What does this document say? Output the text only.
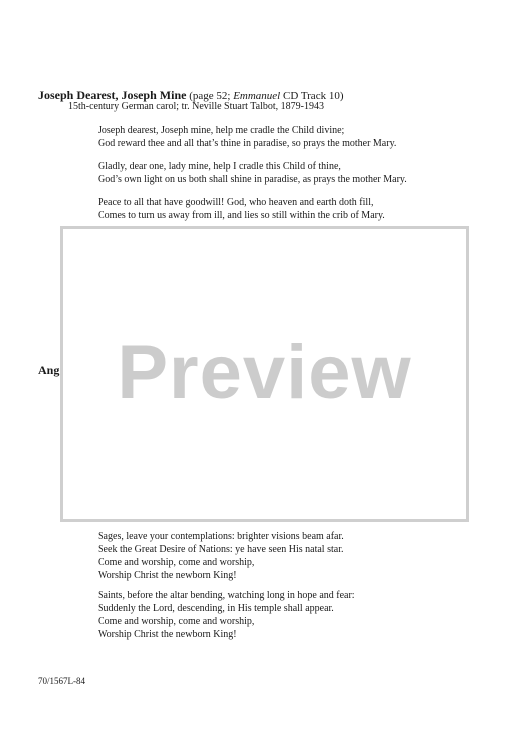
Joseph Dearest, Joseph Mine (page 52; Emmanuel CD Track 10)
15th-century German carol; tr. Neville Stuart Talbot, 1879-1943
Joseph dearest, Joseph mine, help me cradle the Child divine;
God reward thee and all that’s thine in paradise, so prays the mother Mary.
Gladly, dear one, lady mine, help I cradle this Child of thine,
God’s own light on us both shall shine in paradise, as prays the mother Mary.
Peace to all that have goodwill! God, who heaven and earth doth fill,
Comes to turn us away from ill, and lies so still within the crib of Mary.
Ang Preview
Sages, leave your contemplations: brighter visions beam afar.
Seek the Great Desire of Nations: ye have seen His natal star.
Come and worship, come and worship,
Worship Christ the newborn King!
Saints, before the altar bending, watching long in hope and fear:
Suddenly the Lord, descending, in His temple shall appear.
Come and worship, come and worship,
Worship Christ the newborn King!
70/1567L-84
